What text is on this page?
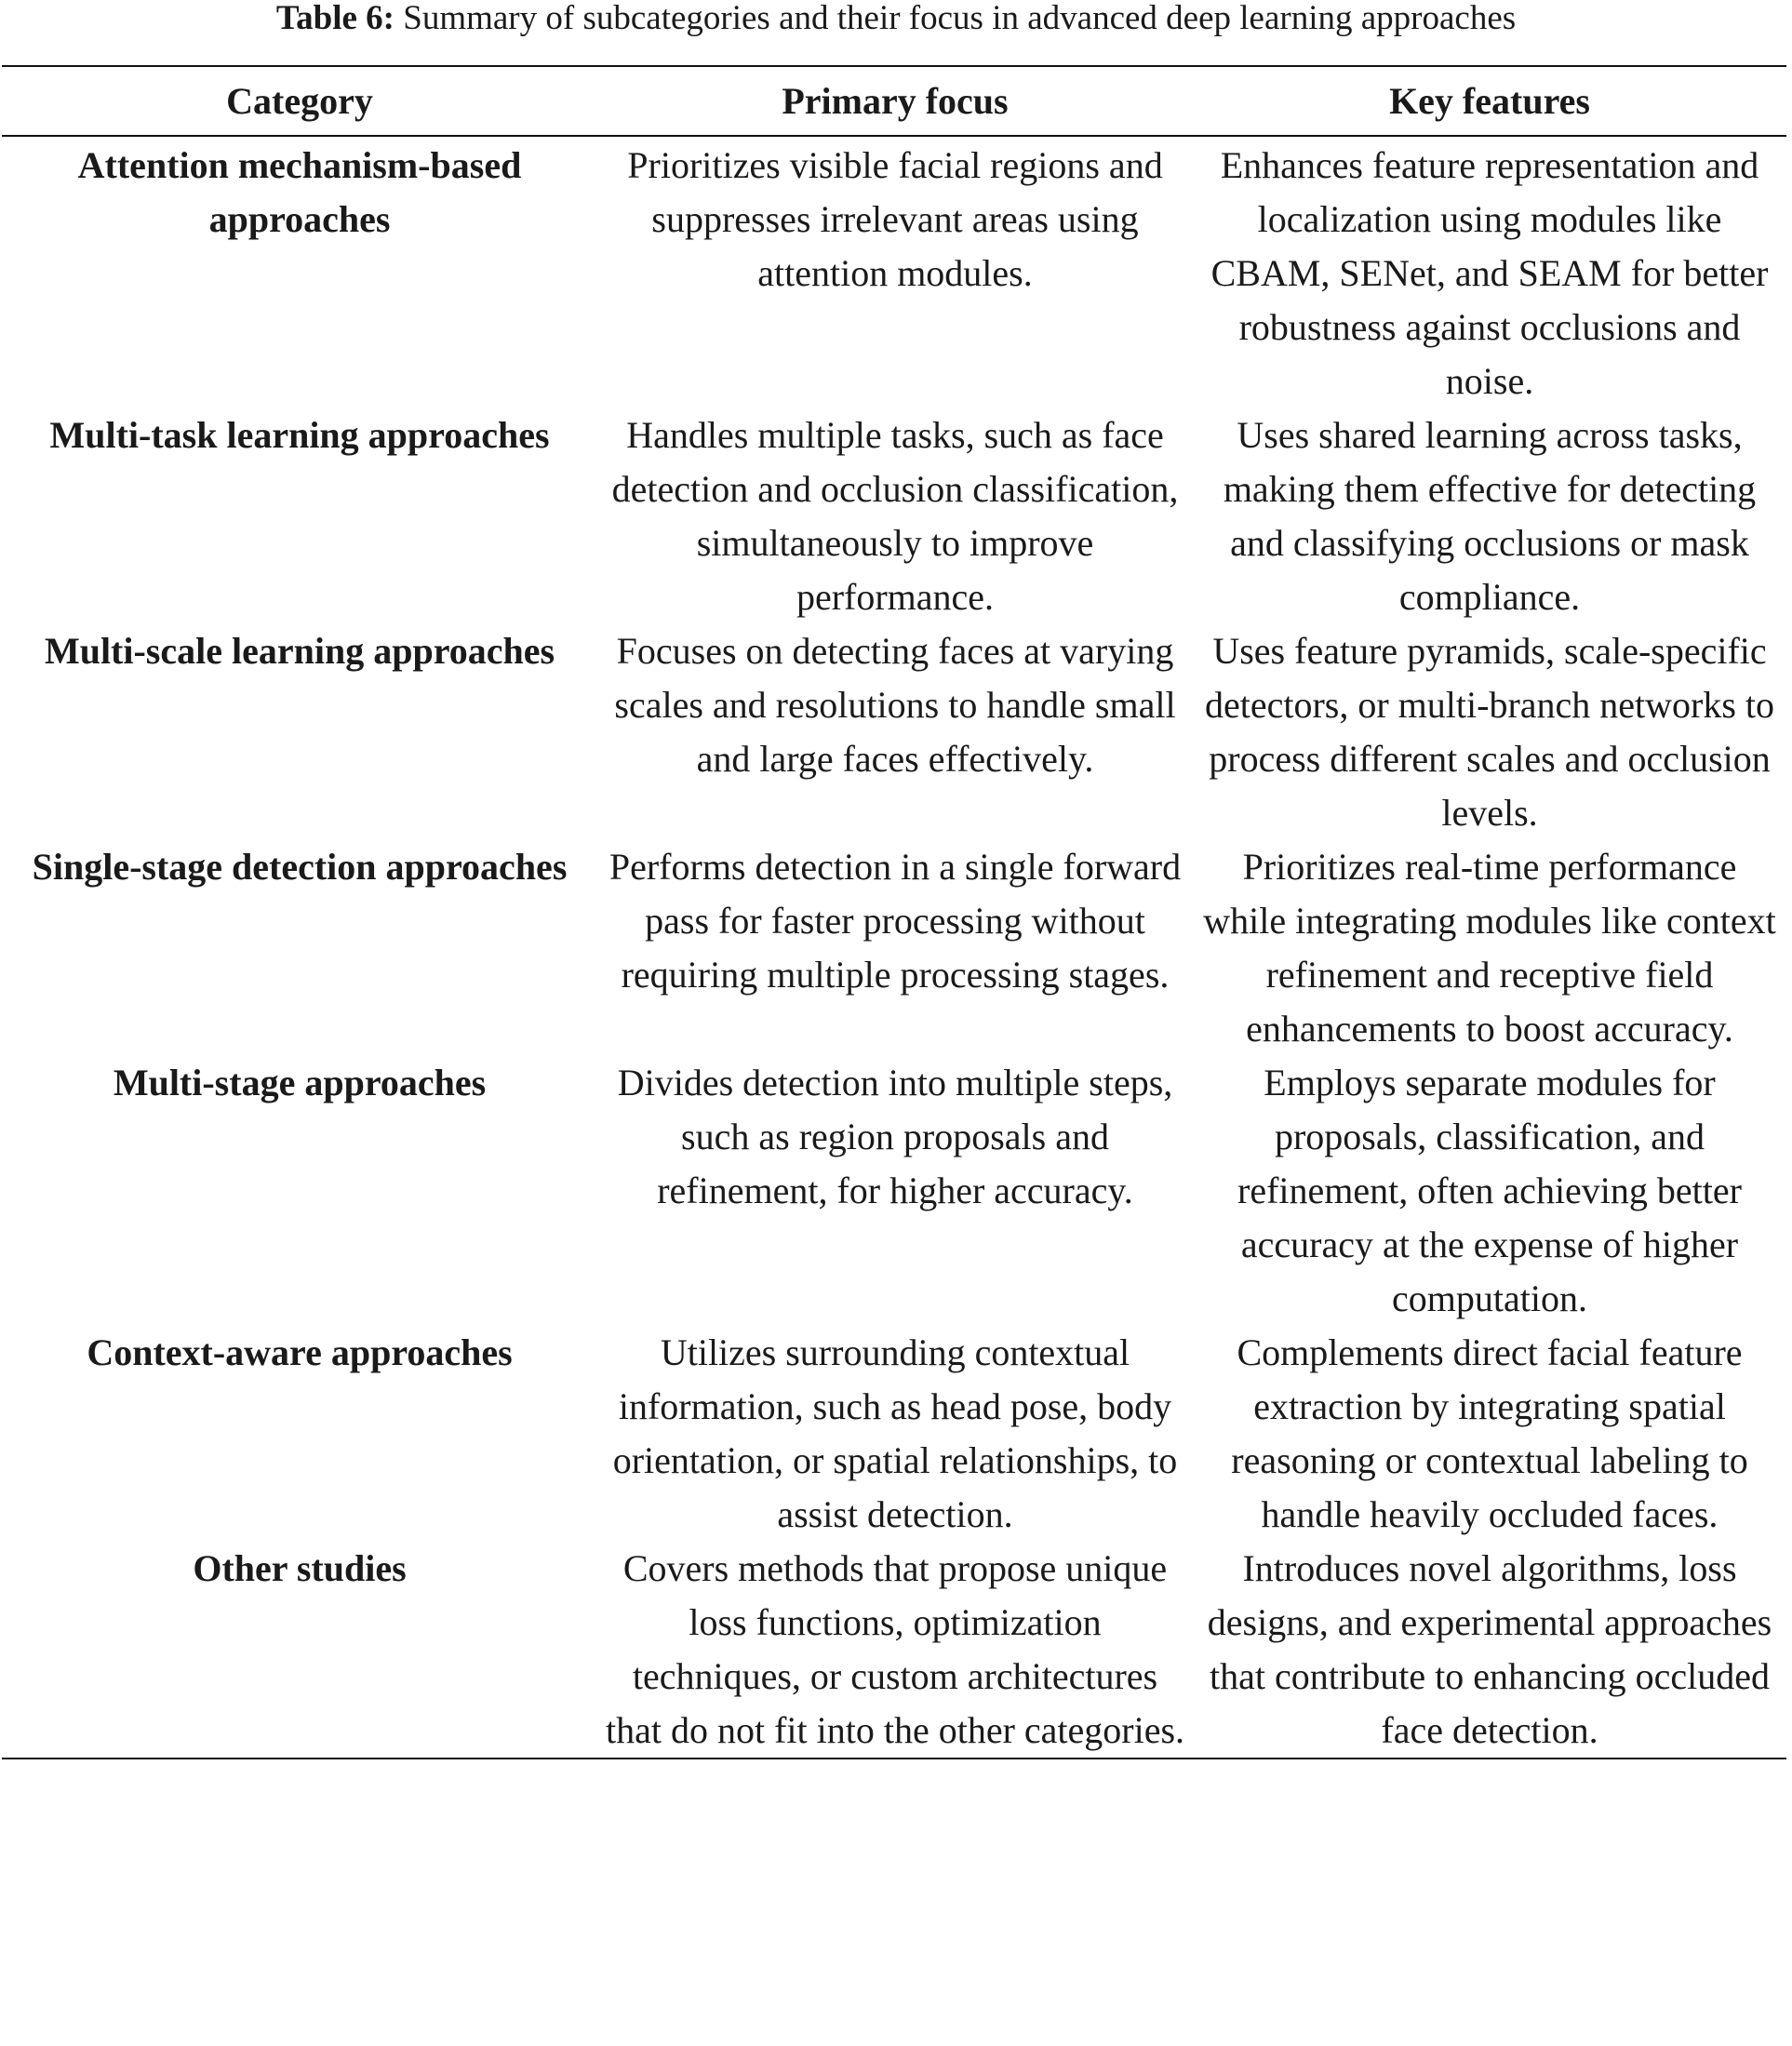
Table 6: Summary of subcategories and their focus in advanced deep learning approaches
Category	Primary focus	Key features
Attention mechanism-based approaches	Prioritizes visible facial regions and suppresses irrelevant areas using attention modules.	Enhances feature representation and localization using modules like CBAM, SENet, and SEAM for better robustness against occlusions and noise.
Multi-task learning approaches	Handles multiple tasks, such as face detection and occlusion classification, simultaneously to improve performance.	Uses shared learning across tasks, making them effective for detecting and classifying occlusions or mask compliance.
Multi-scale learning approaches	Focuses on detecting faces at varying scales and resolutions to handle small and large faces effectively.	Uses feature pyramids, scale-specific detectors, or multi-branch networks to process different scales and occlusion levels.
Single-stage detection approaches	Performs detection in a single forward pass for faster processing without requiring multiple processing stages.	Prioritizes real-time performance while integrating modules like context refinement and receptive field enhancements to boost accuracy.
Multi-stage approaches	Divides detection into multiple steps, such as region proposals and refinement, for higher accuracy.	Employs separate modules for proposals, classification, and refinement, often achieving better accuracy at the expense of higher computation.
Context-aware approaches	Utilizes surrounding contextual information, such as head pose, body orientation, or spatial relationships, to assist detection.	Complements direct facial feature extraction by integrating spatial reasoning or contextual labeling to handle heavily occluded faces.
Other studies	Covers methods that propose unique loss functions, optimization techniques, or custom architectures that do not fit into the other categories.	Introduces novel algorithms, loss designs, and experimental approaches that contribute to enhancing occluded face detection.
